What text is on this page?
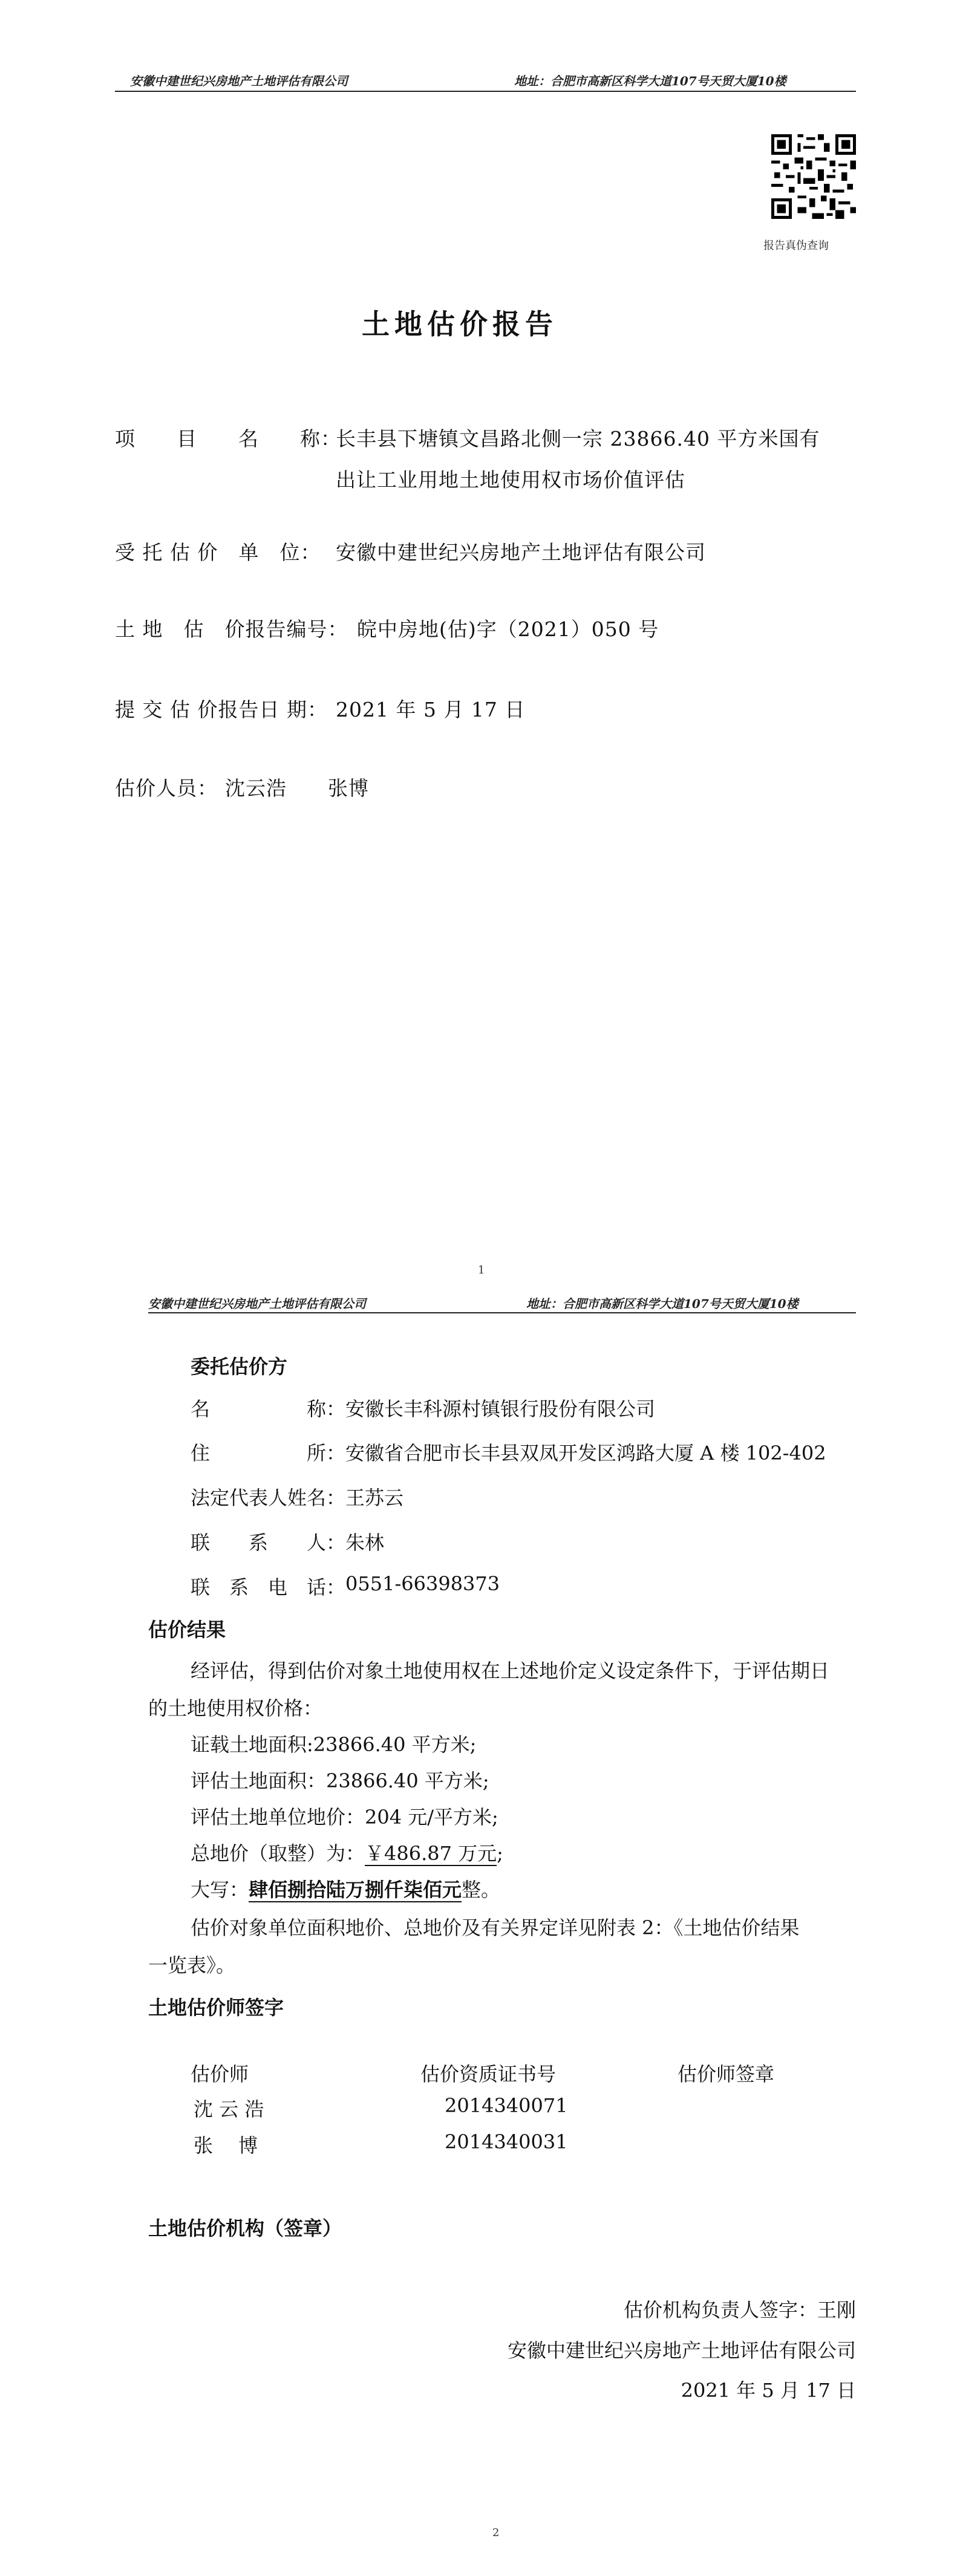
安徽中建世纪兴房地产土地评估有限公司	地址：合肥市高新区科学大道107号天贸大厦10楼
报告真伪查询
土地估价报告
项　　目　　名　　称：
长丰县下塘镇文昌路北侧一宗 23866.40 平方米国有
出让工业用地土地使用权市场价值评估
受 托 估 价　单　位： 安徽中建世纪兴房地产土地评估有限公司
土 地　估　价报告编号： 皖中房地(估)字（2021）050 号
提 交 估 价报告日 期： 2021 年 5 月 17 日
估价人员： 沈云浩　　张博
1
安徽中建世纪兴房地产土地评估有限公司	地址：合肥市高新区科学大道107号天贸大厦10楼
委托估价方
名　　　　　称： 安徽长丰科源村镇银行股份有限公司
住　　　　　所： 安徽省合肥市长丰县双凤开发区鸿路大厦 A 楼 102-402
法定代表人姓名： 王苏云
联　　系　　人： 朱林
联　系　电　话： 0551-66398373
估价结果
经评估，得到估价对象土地使用权在上述地价定义设定条件下，于评估期日
的土地使用权价格：
证载土地面积:23866.40 平方米;
评估土地面积：23866.40 平方米;
评估土地单位地价：204 元/平方米;
总地价（取整）为：￥486.87 万元;
大写：肆佰捌拾陆万捌仟柒佰元整。
估价对象单位面积地价、总地价及有关界定详见附表 2：《土地估价结果
一览表》。
土地估价师签字
估价师	估价资质证书号	估价师签章
沈 云 浩	2014340071
张　 博	2014340031
土地估价机构（签章）
估价机构负责人签字：王刚
安徽中建世纪兴房地产土地评估有限公司
2021 年 5 月 17 日
2
